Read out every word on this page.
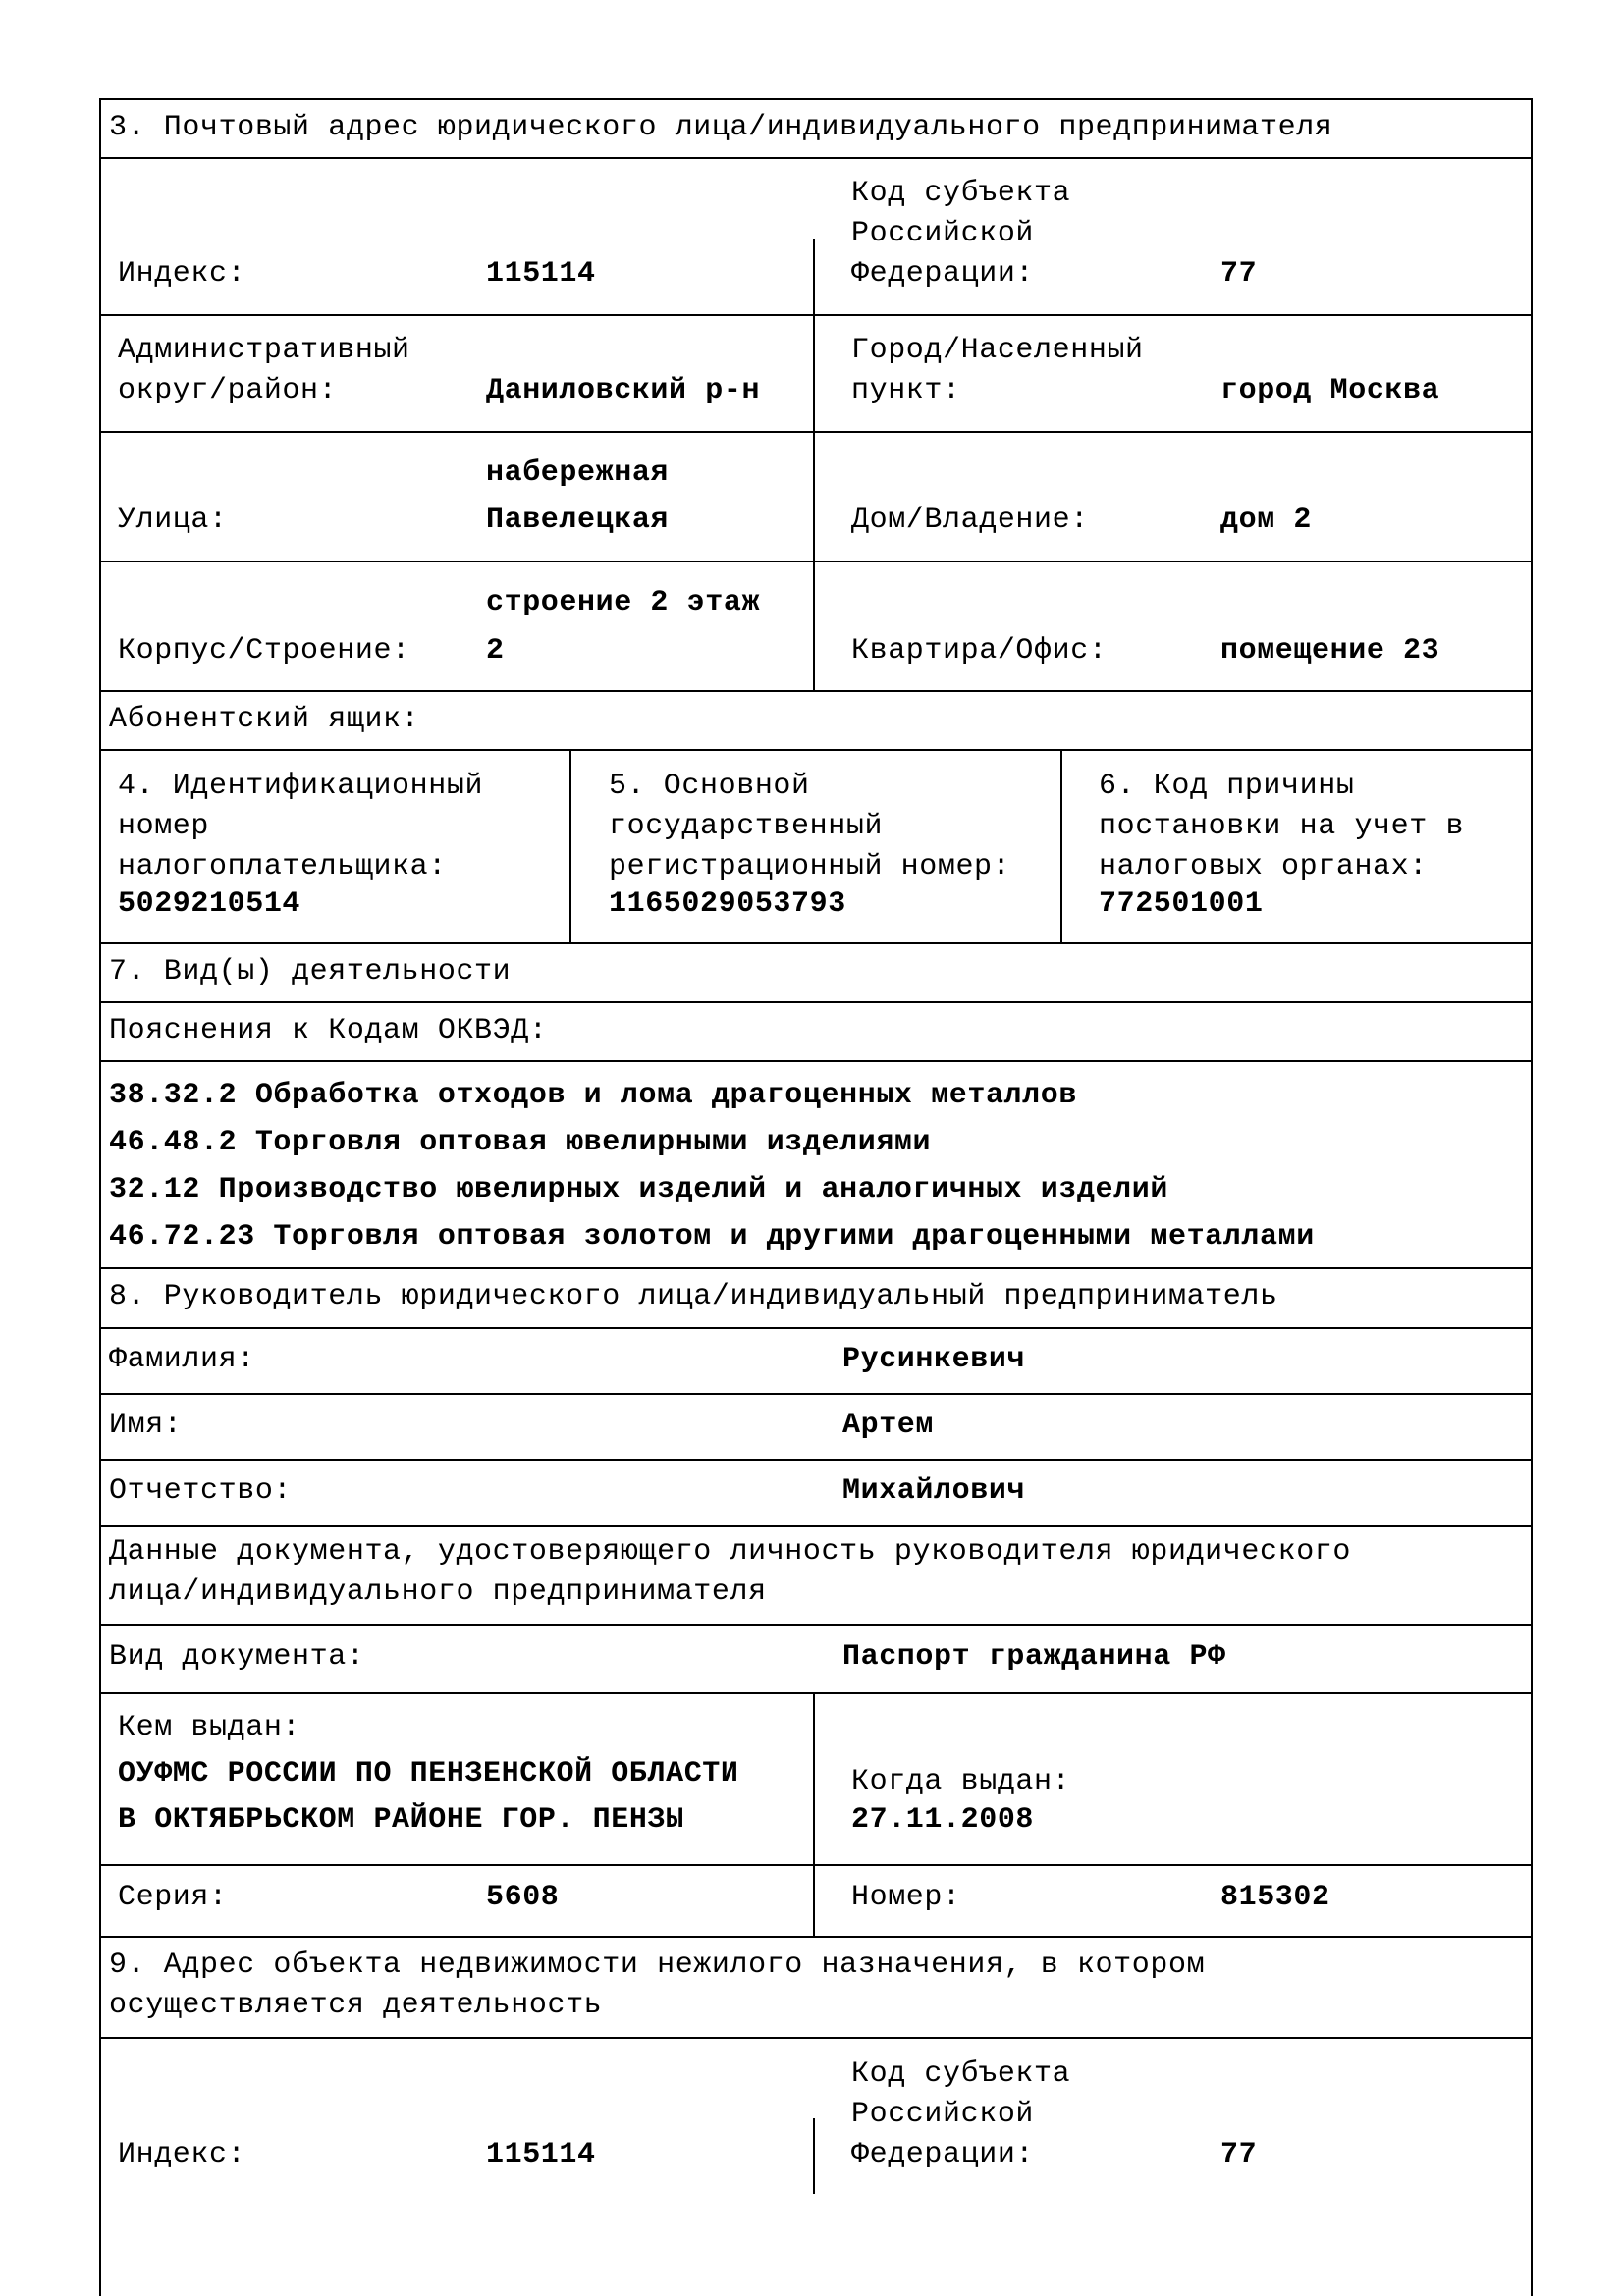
3. Почтовый адрес юридического лица/индивидуального предпринимателя
Индекс:	115114
Код субъекта
Российской
Федерации:	77
Административный
округ/район:	Даниловский р-н
Город/Населенный
пункт:	город Москва
набережная
Улица:	Павелецкая	Дом/Владение:	дом 2
строение 2 этаж
Корпус/Строение:	2	Квартира/Офис:	помещение 23
Абонентский ящик:
4. Идентификационный
номер
налогоплательщика:
5029210514
5. Основной
государственный
регистрационный номер:
1165029053793
6. Код причины
постановки на учет в
налоговых органах:
772501001
7. Вид(ы) деятельности
Пояснения к Кодам ОКВЭД:
38.32.2 Обработка отходов и лома драгоценных металлов
46.48.2 Торговля оптовая ювелирными изделиями
32.12 Производство ювелирных изделий и аналогичных изделий
46.72.23 Торговля оптовая золотом и другими драгоценными металлами
8. Руководитель юридического лица/индивидуальный предприниматель
Фамилия:	Русинкевич
Имя:	Артем
Отчетство:	Михайлович
Данные документа, удостоверяющего личность руководителя юридического
лица/индивидуального предпринимателя
Вид документа:	Паспорт гражданина РФ
Кем выдан:
ОУФМС РОССИИ ПО ПЕНЗЕНСКОЙ ОБЛАСТИ
В ОКТЯБРЬСКОМ РАЙОНЕ ГОР. ПЕНЗЫ
Когда выдан:
27.11.2008
Серия:	5608	Номер:	815302
9. Адрес объекта недвижимости нежилого назначения, в котором
осуществляется деятельность
Код субъекта
Российской
Индекс:	115114	Федерации:	77
